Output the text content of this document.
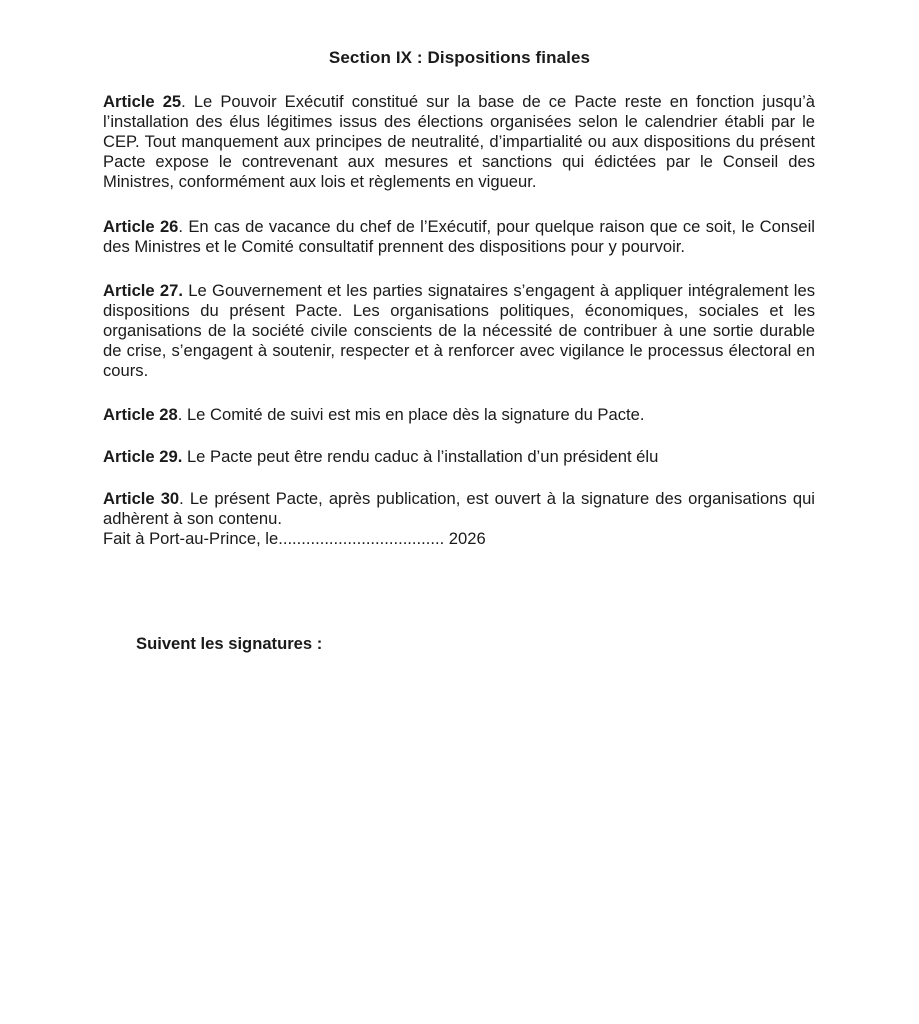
Section IX : Dispositions finales

Article 25. Le Pouvoir Exécutif constitué sur la base de ce Pacte reste en fonction jusqu’à l’installation des élus légitimes issus des élections organisées selon le calendrier établi par le CEP. Tout manquement aux principes de neutralité, d’impartialité ou aux dispositions du présent Pacte expose le contrevenant aux mesures et sanctions qui édictées par le Conseil des Ministres, conformément aux lois et règlements en vigueur.

Article 26. En cas de vacance du chef de l’Exécutif, pour quelque raison que ce soit, le Conseil des Ministres et le Comité consultatif prennent des dispositions pour y pourvoir.

Article 27. Le Gouvernement et les parties signataires s’engagent à appliquer intégralement les dispositions du présent Pacte. Les organisations politiques, économiques, sociales et les organisations de la société civile conscients de la nécessité de contribuer à une sortie durable de crise, s’engagent à soutenir, respecter et à renforcer avec vigilance le processus électoral en cours.

Article 28. Le Comité de suivi est mis en place dès la signature du Pacte.

Article 29. Le Pacte peut être rendu caduc à l’installation d’un président élu

Article 30. Le présent Pacte, après publication, est ouvert à la signature des organisations qui adhèrent à son contenu.

Fait à Port-au-Prince, le.................................... 2026
Suivent les signatures :
